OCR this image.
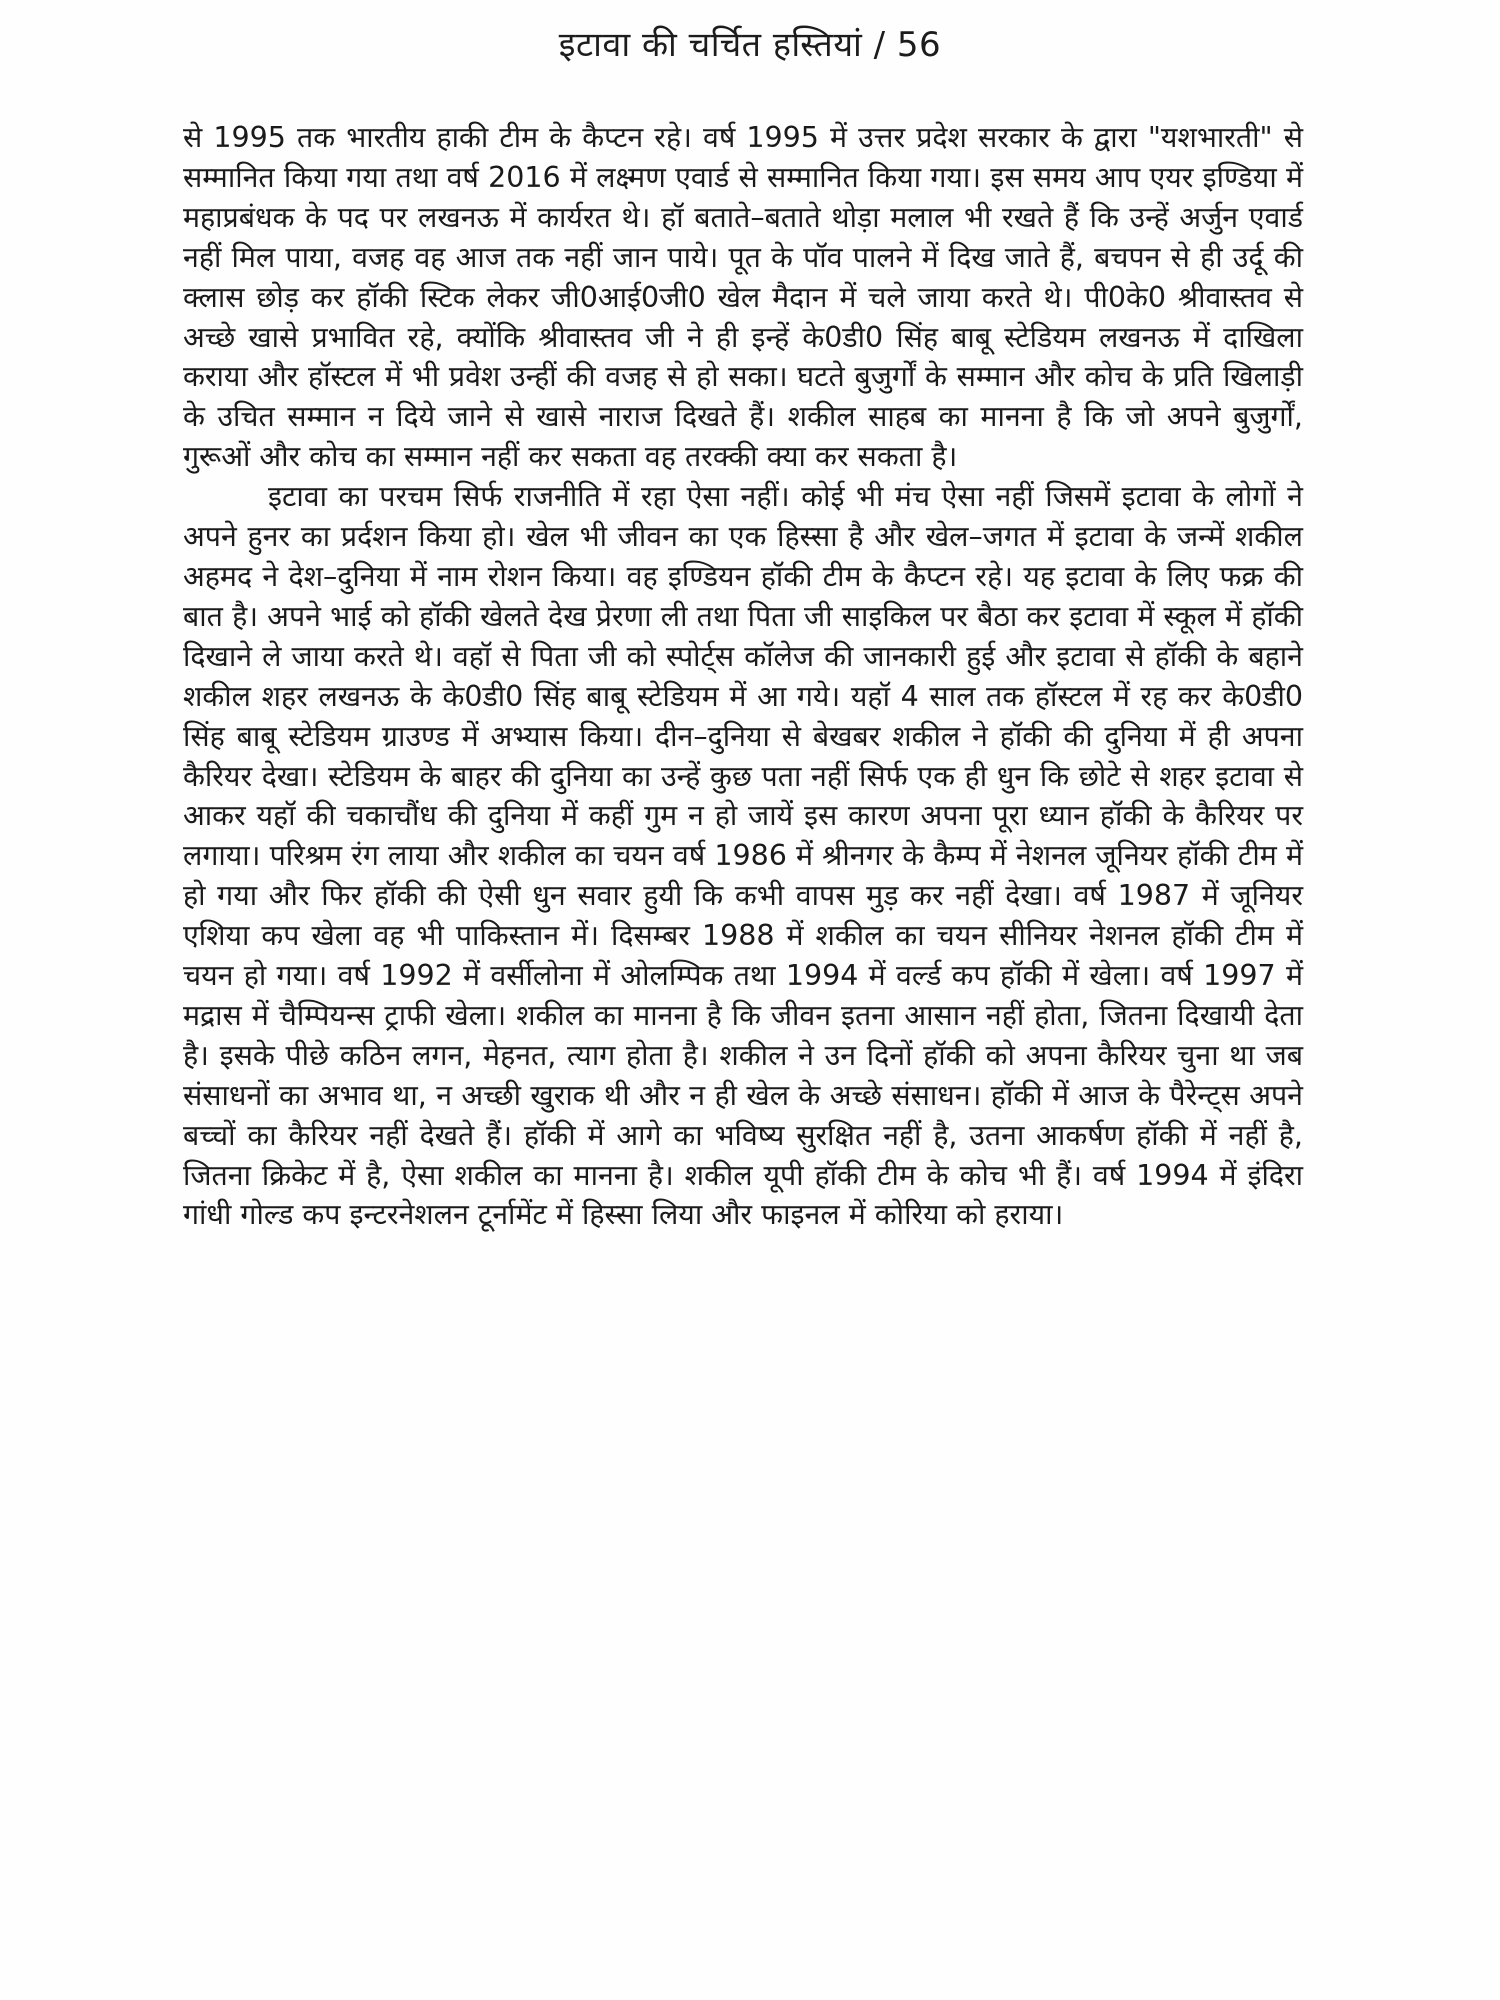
इटावा की चर्चित हस्तियां / 56

से 1995 तक भारतीय हाकी टीम के कैप्टन रहे। वर्ष 1995 में उत्तर प्रदेश सरकार के द्वारा "यशभारती" से सम्मानित किया गया तथा वर्ष 2016 में लक्ष्मण एवार्ड से सम्मानित किया गया। इस समय आप एयर इण्डिया में महाप्रबंधक के पद पर लखनऊ में कार्यरत थे। हॉ बताते–बताते थोड़ा मलाल भी रखते हैं कि उन्हें अर्जुन एवार्ड नहीं मिल पाया, वजह वह आज तक नहीं जान पाये। पूत के पॉव पालने में दिख जाते हैं, बचपन से ही उर्दू की क्लास छोड़ कर हॉकी स्टिक लेकर जी0आई0जी0 खेल मैदान में चले जाया करते थे। पी0के0 श्रीवास्तव से अच्छे खासे प्रभावित रहे, क्योंकि श्रीवास्तव जी ने ही इन्हें के0डी0 सिंह बाबू स्टेडियम लखनऊ में दाखिला कराया और हॉस्टल में भी प्रवेश उन्हीं की वजह से हो सका। घटते बुजुर्गों के सम्मान और कोच के प्रति खिलाड़ी के उचित सम्मान न दिये जाने से खासे नाराज दिखते हैं। शकील साहब का मानना है कि जो अपने बुजुर्गों, गुरूओं और कोच का सम्मान नहीं कर सकता वह तरक्की क्या कर सकता है।

इटावा का परचम सिर्फ राजनीति में रहा ऐसा नहीं। कोई भी मंच ऐसा नहीं जिसमें इटावा के लोगों ने अपने हुनर का प्रर्दशन किया हो। खेल भी जीवन का एक हिस्सा है और खेल–जगत में इटावा के जन्में शकील अहमद ने देश–दुनिया में नाम रोशन किया। वह इण्डियन हॉकी टीम के कैप्टन रहे। यह इटावा के लिए फक्र की बात है। अपने भाई को हॉकी खेलते देख प्रेरणा ली तथा पिता जी साइकिल पर बैठा कर इटावा में स्कूल में हॉकी दिखाने ले जाया करते थे। वहॉ से पिता जी को स्पोर्ट्स कॉलेज की जानकारी हुई और इटावा से हॉकी के बहाने शकील शहर लखनऊ के के0डी0 सिंह बाबू स्टेडियम में आ गये। यहॉ 4 साल तक हॉस्टल में रह कर के0डी0 सिंह बाबू स्टेडियम ग्राउण्ड में अभ्यास किया। दीन–दुनिया से बेखबर शकील ने हॉकी की दुनिया में ही अपना कैरियर देखा। स्टेडियम के बाहर की दुनिया का उन्हें कुछ पता नहीं सिर्फ एक ही धुन कि छोटे से शहर इटावा से आकर यहॉ की चकाचौंध की दुनिया में कहीं गुम न हो जायें इस कारण अपना पूरा ध्यान हॉकी के कैरियर पर लगाया। परिश्रम रंग लाया और शकील का चयन वर्ष 1986 में श्रीनगर के कैम्प में नेशनल जूनियर हॉकी टीम में हो गया और फिर हॉकी की ऐसी धुन सवार हुयी कि कभी वापस मुड़ कर नहीं देखा। वर्ष 1987 में जूनियर एशिया कप खेला वह भी पाकिस्तान में। दिसम्बर 1988 में शकील का चयन सीनियर नेशनल हॉकी टीम में चयन हो गया। वर्ष 1992 में वर्सीलोना में ओलम्पिक तथा 1994 में वर्ल्ड कप हॉकी में खेला। वर्ष 1997 में मद्रास में चैम्पियन्स ट्राफी खेला। शकील का मानना है कि जीवन इतना आसान नहीं होता, जितना दिखायी देता है। इसके पीछे कठिन लगन, मेहनत, त्याग होता है। शकील ने उन दिनों हॉकी को अपना कैरियर चुना था जब संसाधनों का अभाव था, न अच्छी खुराक थी और न ही खेल के अच्छे संसाधन। हॉकी में आज के पैरेन्ट्स अपने बच्चों का कैरियर नहीं देखते हैं। हॉकी में आगे का भविष्य सुरक्षित नहीं है, उतना आकर्षण हॉकी में नहीं है, जितना क्रिकेट में है, ऐसा शकील का मानना है। शकील यूपी हॉकी टीम के कोच भी हैं। वर्ष 1994 में इंदिरा गांधी गोल्ड कप इन्टरनेशलन टूर्नामेंट में हिस्सा लिया और फाइनल में कोरिया को हराया।
